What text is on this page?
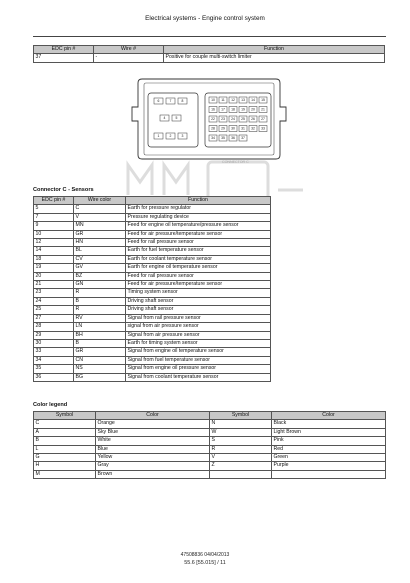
Electrical systems - Engine control system
EDC pin #	Wire #	Function
37	-	Positive for couple multi-switch limiter
6	7	8
4	5
1	2	3
10 11 12 13 14 15
16 17 18 19 20 21
22 23 24 25 26 27
28 29 30 31 32 33
34 35 36 37
CONNECTOR C
Connector C - Sensors
EDC pin #	Wire color	Function
5	C	Earth for pressure regulator
7	V	Pressure regulating device
9	MN	Feed for engine oil temperature/pressure sensor
10	GR	Feed for air pressure/temperature sensor
12	HN	Feed for rail pressure sensor
14	BL	Earth for fuel temperature sensor
18	CV	Earth for coolant temperature sensor
19	GV	Earth for engine oil temperature sensor
20	BZ	Feed for rail pressure sensor
21	GN	Feed for air pressure/temperature sensor
23	R	Timing system sensor
24	B	Driving shaft sensor
25	R	Driving shaft sensor
27	RV	Signal from rail pressure sensor
28	LN	signal from air pressure sensor
29	BH	Signal from air pressure sensor
30	B	Earth for timing system sensor
33	GR	Signal from engine oil temperature sensor
34	CN	Signal from fuel temperature sensor
35	NS	Signal from engine oil pressure sensor
36	BG	Signal from coolant temperature sensor
Color legend
Symbol	Color	Symbol	Color
C	Orange	N	Black
A	Sky Blue	W	Light Brown
B	White	S	Pink
L	Blue	R	Red
G	Yellow	V	Green
H	Gray	Z	Purple
M	Brown		
47508836 04/04/2013
55.6 [55.015] / 11
